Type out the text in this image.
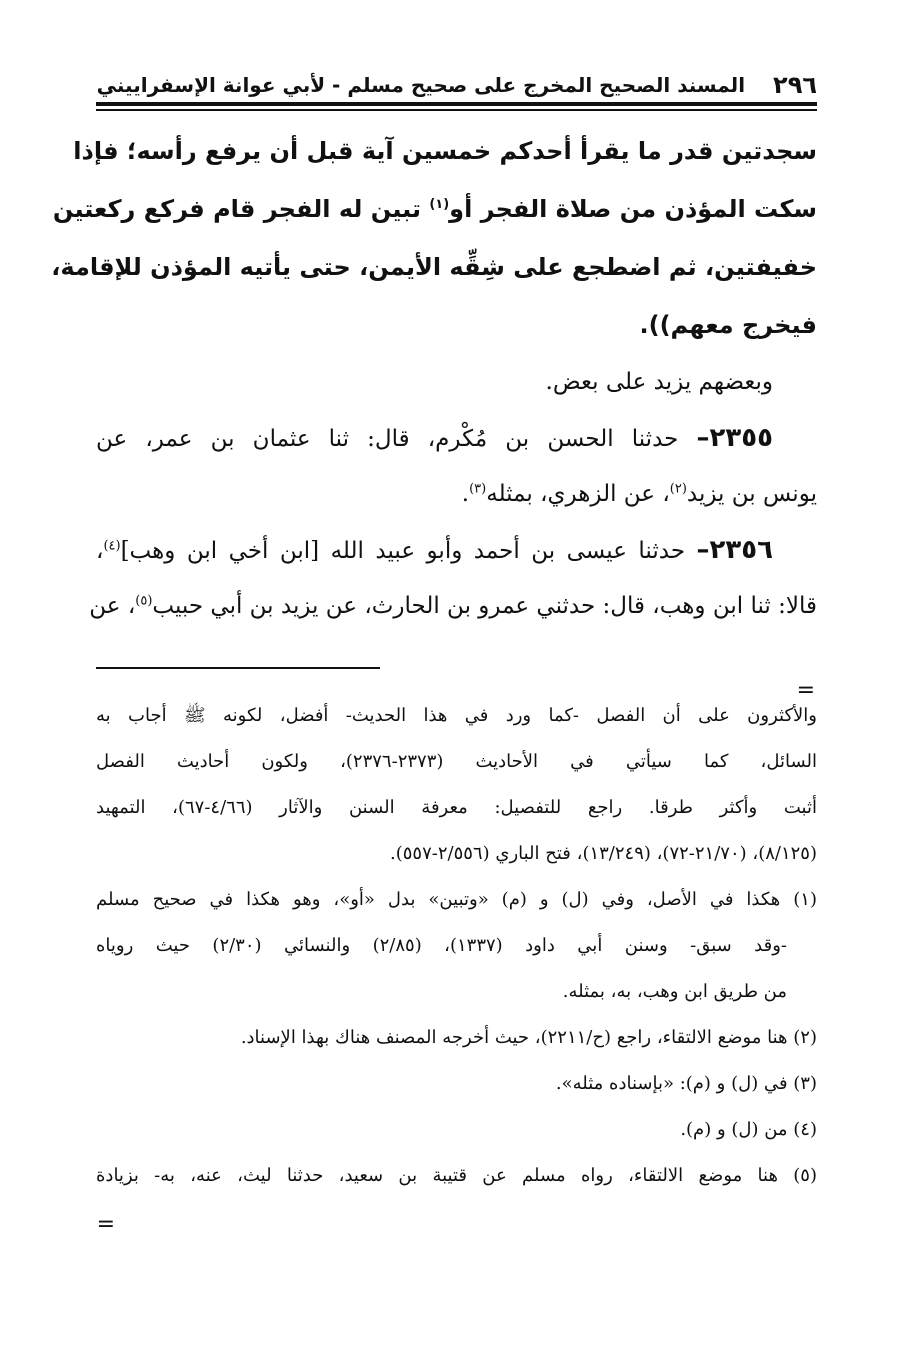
٢٩٦
المسند الصحيح المخرج على صحيح مسلم - لأبي عوانة الإسفراييني
سجدتين قدر ما يقرأ أحدكم خمسين آية قبل أن يرفع رأسه؛ فإذا
سكت المؤذن من صلاة الفجر أو$^{(١)}$ تبين له الفجر قام فركع ركعتين
خفيفتين، ثم اضطجع على شِقِّه الأيمن، حتى يأتيه المؤذن للإقامة،
فيخرج معهم)).
وبعضهم يزيد على بعض.
٢٣٥٥– حدثنا الحسن بن مُكْرم، قال: ثنا عثمان بن عمر، عن
يونس بن يزيد$^{(٢)}$، عن الزهري، بمثله$^{(٣)}$.
٢٣٥٦– حدثنا عيسى بن أحمد وأبو عبيد الله [ابن أخي ابن وهب]$^{(٤)}$،
قالا: ثنا ابن وهب، قال: حدثني عمرو بن الحارث، عن يزيد بن أبي حبيب$^{(٥)}$، عن
=
والأكثرون على أن الفصل -كما ورد في هذا الحديث- أفضل، لكونه ﷺ أجاب به
السائل، كما سيأتي في الأحاديث (٢٣٧٣-٢٣٧٦)، ولكون أحاديث الفصل
أثبت وأكثر طرقا. راجع للتفصيل: معرفة السنن والآثار (٤/٦٦-٦٧)، التمهيد
(٨/١٢٥)، (٢١/٧٠-٧٢)، (١٣/٢٤٩)، فتح الباري (٢/٥٥٦-٥٥٧).
(١) هكذا في الأصل، وفي (ل) و (م) «وتبين» بدل «أو»، وهو هكذا في صحيح مسلم
-وقد سبق- وسنن أبي داود (١٣٣٧)، (٢/٨٥) والنسائي (٢/٣٠) حيث روياه
من طريق ابن وهب، به، بمثله.
(٢) هنا موضع الالتقاء، راجع (ح/٢٢١١)، حيث أخرجه المصنف هناك بهذا الإسناد.
(٣) في (ل) و (م): «بإسناده مثله».
(٤) من (ل) و (م).
(٥) هنا موضع الالتقاء، رواه مسلم عن قتيبة بن سعيد، حدثنا ليث، عنه، به- بزيادة
=
